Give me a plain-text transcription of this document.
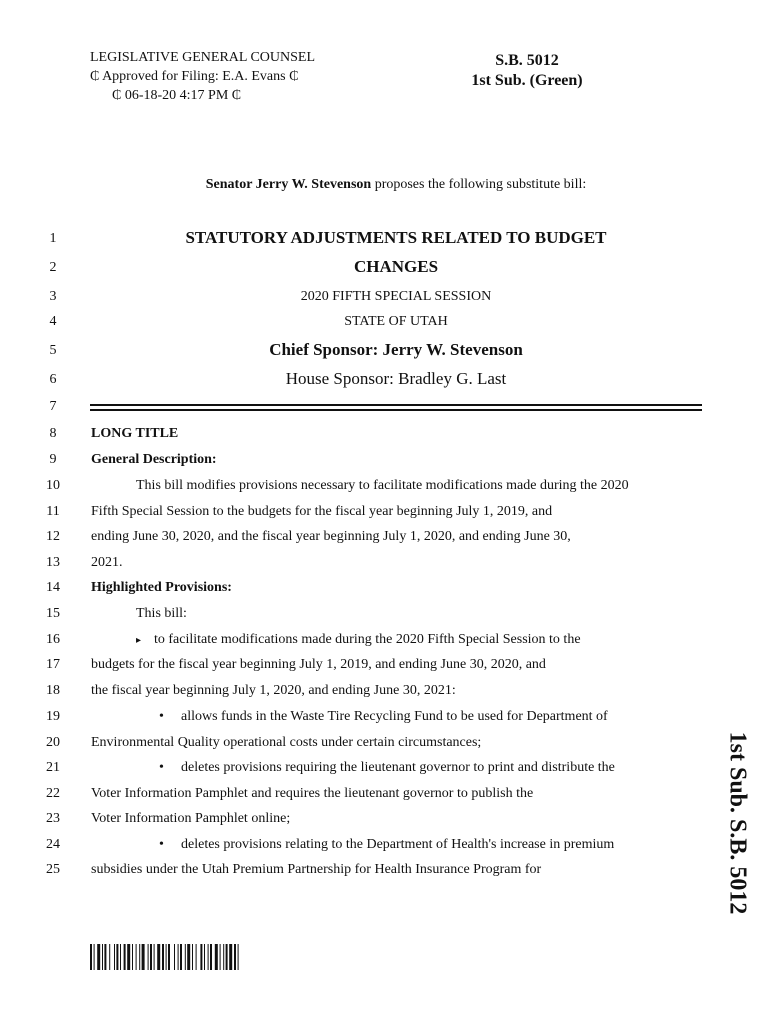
LEGISLATIVE GENERAL COUNSEL
₵ Approved for Filing: E.A. Evans ₵
₵ 06-18-20 4:17 PM ₵
S.B. 5012
1st Sub. (Green)
Senator Jerry W. Stevenson proposes the following substitute bill:
1
2
3
4
5
6
7
8
9
10
11
12
13
14
15
16
17
18
19
20
21
22
23
24
25
STATUTORY ADJUSTMENTS RELATED TO BUDGET
CHANGES
2020 FIFTH SPECIAL SESSION
STATE OF UTAH
Chief Sponsor: Jerry W. Stevenson
House Sponsor: Bradley G. Last
LONG TITLE
General Description:
This bill modifies provisions necessary to facilitate modifications made during the 2020
Fifth Special Session to the budgets for the fiscal year beginning July 1, 2019, and
ending June 30, 2020, and the fiscal year beginning July 1, 2020, and ending June 30,
2021.
Highlighted Provisions:
This bill:
▸ to facilitate modifications made during the 2020 Fifth Special Session to the
budgets for the fiscal year beginning July 1, 2019, and ending June 30, 2020, and
the fiscal year beginning July 1, 2020, and ending June 30, 2021:
• allows funds in the Waste Tire Recycling Fund to be used for Department of
Environmental Quality operational costs under certain circumstances;
• deletes provisions requiring the lieutenant governor to print and distribute the
Voter Information Pamphlet and requires the lieutenant governor to publish the
Voter Information Pamphlet online;
• deletes provisions relating to the Department of Health's increase in premium
subsidies under the Utah Premium Partnership for Health Insurance Program for	1st Sub. S.B. 5012
